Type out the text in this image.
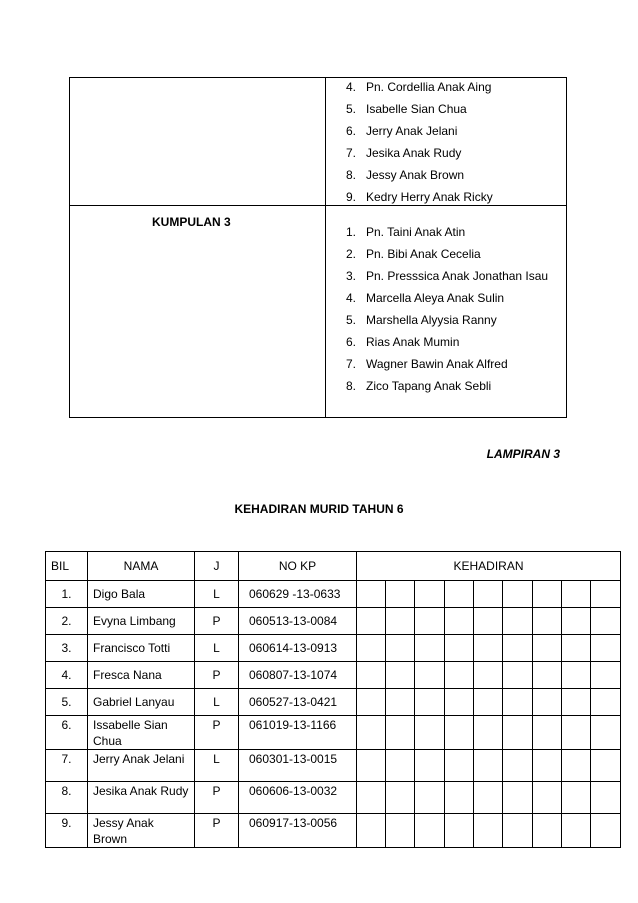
4. Pn. Cordellia Anak Aing
5. Isabelle Sian Chua
6. Jerry Anak Jelani
7. Jesika Anak Rudy
8. Jessy Anak Brown
9. Kedry Herry Anak Ricky
KUMPULAN 3
1. Pn. Taini Anak Atin
2. Pn. Bibi Anak Cecelia
3. Pn. Presssica Anak Jonathan Isau
4. Marcella Aleya Anak Sulin
5. Marshella Alyysia Ranny
6. Rias Anak Mumin
7. Wagner Bawin Anak Alfred
8. Zico Tapang Anak Sebli
LAMPIRAN 3
KEHADIRAN MURID TAHUN 6
BIL	NAMA	J	NO KP	KEHADIRAN								
1.	Digo Bala	L	060629 -13-0633									
2.	Evyna Limbang	P	060513-13-0084									
3.	Francisco Totti	L	060614-13-0913									
4.	Fresca Nana	P	060807-13-1074									
5.	Gabriel Lanyau	L	060527-13-0421									
6.	Issabelle Sian Chua	P	061019-13-1166									
7.	Jerry Anak Jelani	L	060301-13-0015									
8.	Jesika Anak Rudy	P	060606-13-0032									
9.	Jessy Anak Brown	P	060917-13-0056									
